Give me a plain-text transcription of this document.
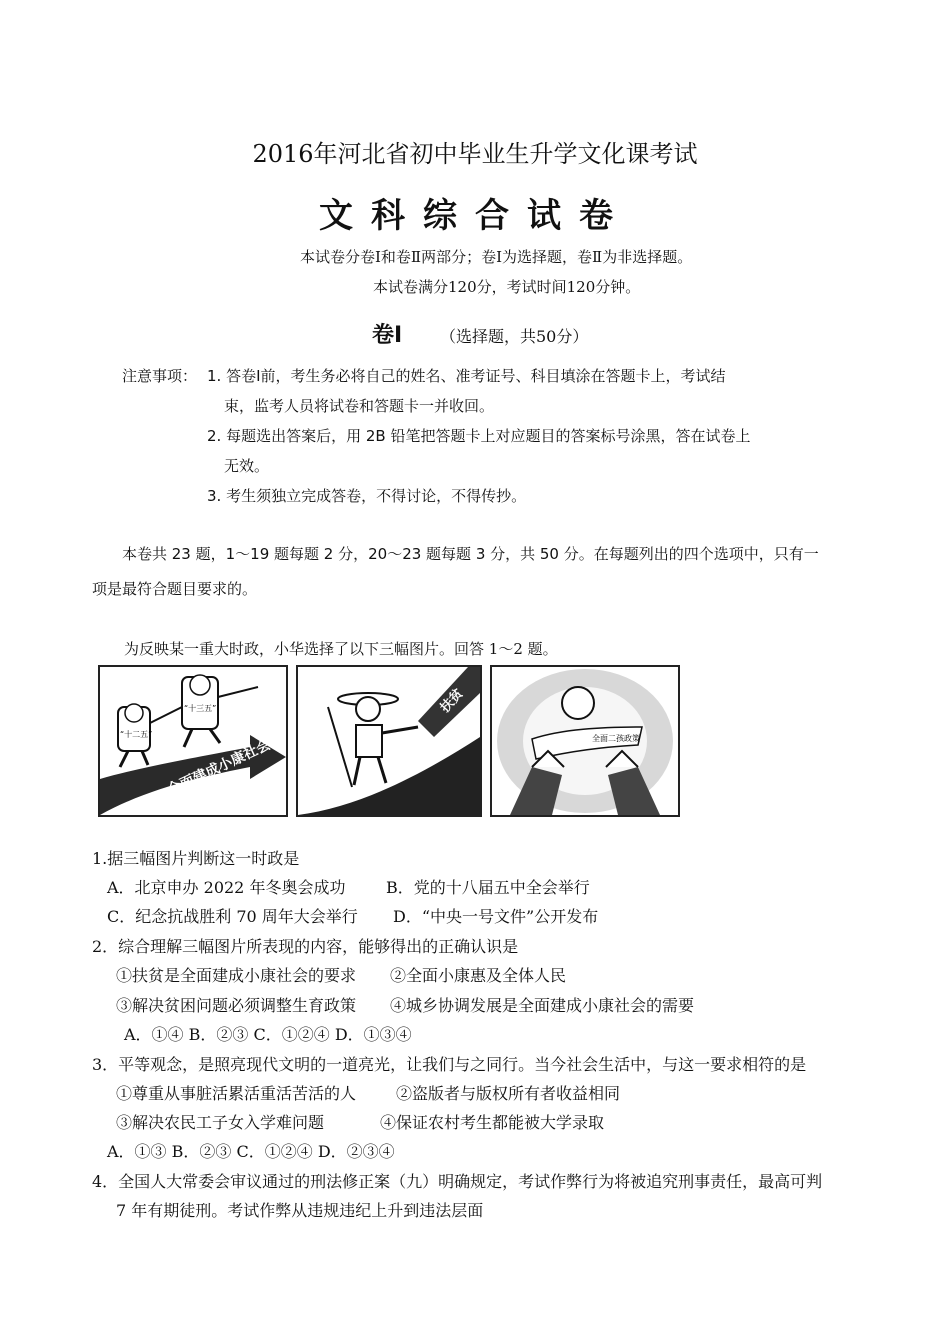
2016年河北省初中毕业生升学文化课考试
文科综合试卷
本试卷分卷Ⅰ和卷Ⅱ两部分；卷Ⅰ为选择题，卷Ⅱ为非选择题。
本试卷满分120分，考试时间120分钟。
卷Ⅰ （选择题，共50分）
注意事项： 1. 答卷Ⅰ前，考生务必将自己的姓名、准考证号、科目填涂在答题卡上，考试结
束，监考人员将试卷和答题卡一并收回。
2. 每题选出答案后，用 2B 铅笔把答题卡上对应题目的答案标号涂黑，答在试卷上
无效。
3. 考生须独立完成答卷，不得讨论，不得传抄。
本卷共 23 题，1～19 题每题 2 分，20～23 题每题 3 分，共 50 分。在每题列出的四个选项中，只有一
项是最符合题目要求的。
为反映某一重大时政，小华选择了以下三幅图片。回答 1～2 题。
全面建成小康社会
“十二五”
“十三五”	扶贫
全面二孩政策
1.据三幅图片判断这一时政是
A．北京申办 2022 年冬奥会成功	B．党的十八届五中全会举行
C．纪念抗战胜利 70 周年大会举行 D．“中央一号文件”公开发布
2．综合理解三幅图片所表现的内容，能够得出的正确认识是
①扶贫是全面建成小康社会的要求 ②全面小康惠及全体人民
③解决贫困问题必须调整生育政策 ④城乡协调发展是全面建成小康社会的需要
A．①④ B．②③ C．①②④ D．①③④
3．平等观念，是照亮现代文明的一道亮光，让我们与之同行。当今社会生活中，与这一要求相符的是
①尊重从事脏活累活重活苦活的人 ②盗版者与版权所有者收益相同
③解决农民工子女入学难问题	④保证农村考生都能被大学录取
A．①③ B．②③ C．①②④ D．②③④
4．全国人大常委会审议通过的刑法修正案（九）明确规定，考试作弊行为将被追究刑事责任，最高可判
7 年有期徒刑。考试作弊从违规违纪上升到违法层面
